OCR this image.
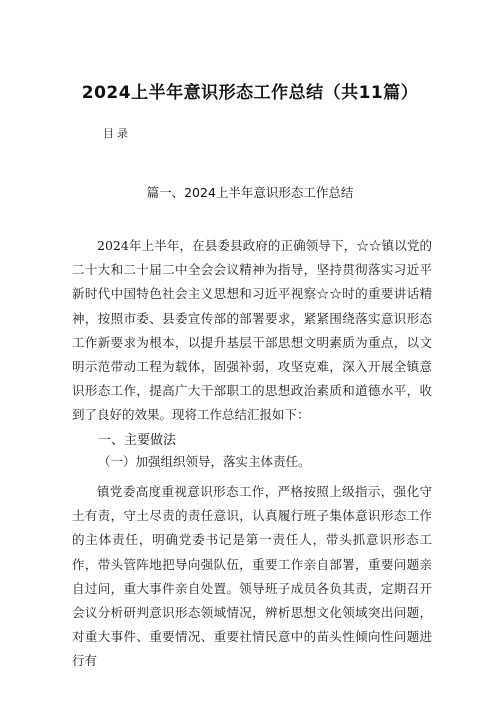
2024上半年意识形态工作总结（共11篇）
目录
篇一、2024上半年意识形态工作总结

2024年上半年，在县委县政府的正确领导下，☆☆镇以党的二十大和二十届二中全会会议精神为指导，坚持贯彻落实习近平新时代中国特色社会主义思想和习近平视察☆☆时的重要讲话精神，按照市委、县委宣传部的部署要求，紧紧围绕落实意识形态工作新要求为根本，以提升基层干部思想文明素质为重点，以文明示范带动工程为载体，固强补弱，攻坚克难，深入开展全镇意识形态工作，提高广大干部职工的思想政治素质和道德水平，收到了良好的效果。现将工作总结汇报如下：

一、主要做法
（一）加强组织领导，落实主体责任。

镇党委高度重视意识形态工作，严格按照上级指示，强化守土有责，守土尽责的责任意识，认真履行班子集体意识形态工作的主体责任，明确党委书记是第一责任人，带头抓意识形态工作，带头管阵地把导向强队伍，重要工作亲自部署，重要问题亲自过问，重大事件亲自处置。领导班子成员各负其责，定期召开会议分析研判意识形态领域情况，辨析思想文化领域突出问题，对重大事件、重要情况、重要社情民意中的苗头性倾向性问题进行有
